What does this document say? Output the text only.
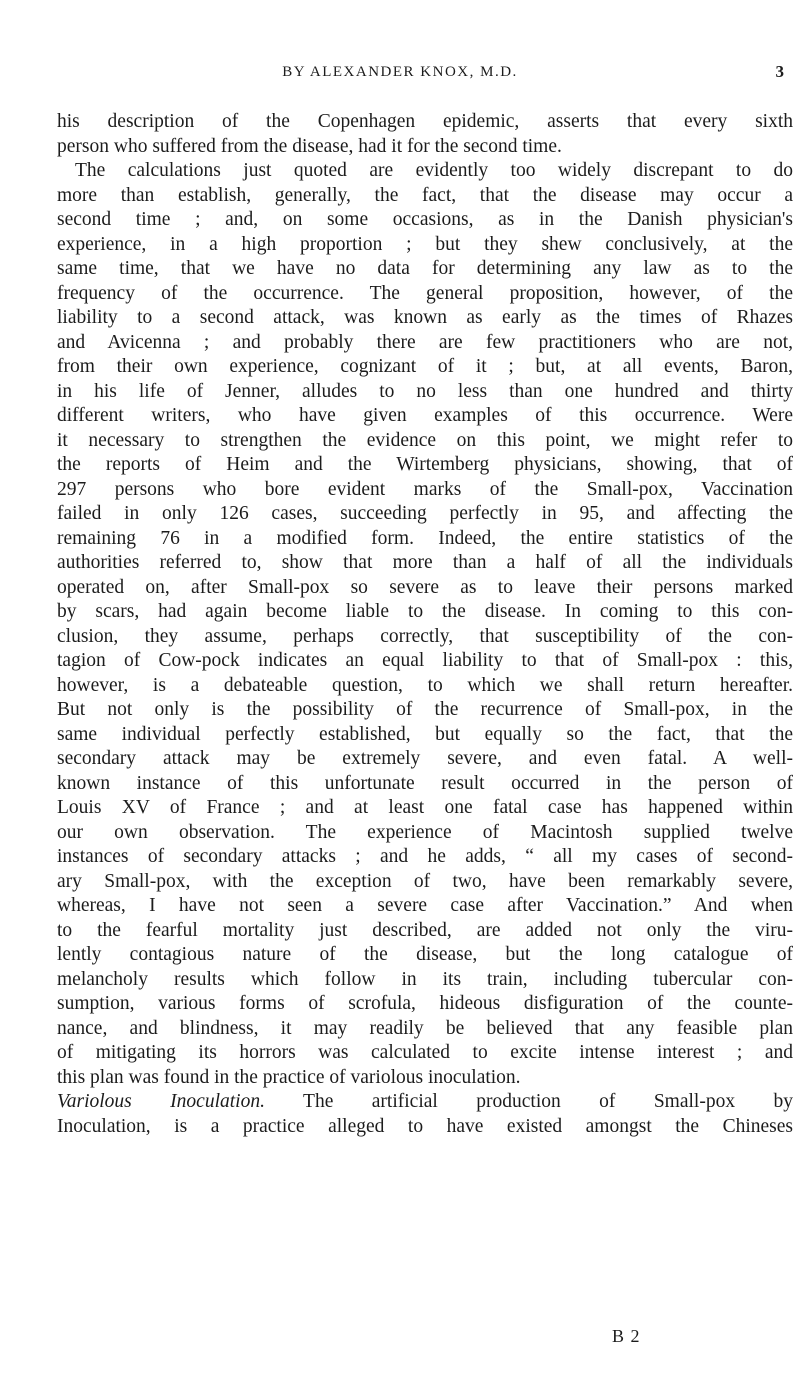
BY ALEXANDER KNOX, M.D.	3
his description of the Copenhagen epidemic, asserts that every sixth
person who suffered from the disease, had it for the second time.
The calculations just quoted are evidently too widely discrepant to do
more than establish, generally, the fact, that the disease may occur a
second time ; and, on some occasions, as in the Danish physician's
experience, in a high proportion ; but they shew conclusively, at the
same time, that we have no data for determining any law as to the
frequency of the occurrence. The general proposition, however, of the
liability to a second attack, was known as early as the times of Rhazes
and Avicenna ; and probably there are few practitioners who are not,
from their own experience, cognizant of it ; but, at all events, Baron,
in his life of Jenner, alludes to no less than one hundred and thirty
different writers, who have given examples of this occurrence. Were
it necessary to strengthen the evidence on this point, we might refer to
the reports of Heim and the Wirtemberg physicians, showing, that of
297 persons who bore evident marks of the Small-pox, Vaccination
failed in only 126 cases, succeeding perfectly in 95, and affecting the
remaining 76 in a modified form. Indeed, the entire statistics of the
authorities referred to, show that more than a half of all the individuals
operated on, after Small-pox so severe as to leave their persons marked
by scars, had again become liable to the disease. In coming to this con-
clusion, they assume, perhaps correctly, that susceptibility of the con-
tagion of Cow-pock indicates an equal liability to that of Small-pox : this,
however, is a debateable question, to which we shall return hereafter.
But not only is the possibility of the recurrence of Small-pox, in the
same individual perfectly established, but equally so the fact, that the
secondary attack may be extremely severe, and even fatal. A well-
known instance of this unfortunate result occurred in the person of
Louis XV of France ; and at least one fatal case has happened within
our own observation. The experience of Macintosh supplied twelve
instances of secondary attacks ; and he adds, “ all my cases of second-
ary Small-pox, with the exception of two, have been remarkably severe,
whereas, I have not seen a severe case after Vaccination.” And when
to the fearful mortality just described, are added not only the viru-
lently contagious nature of the disease, but the long catalogue of
melancholy results which follow in its train, including tubercular con-
sumption, various forms of scrofula, hideous disfiguration of the counte-
nance, and blindness, it may readily be believed that any feasible plan
of mitigating its horrors was calculated to excite intense interest ; and
this plan was found in the practice of variolous inoculation.
Variolous Inoculation. The artificial production of Small-pox by
Inoculation, is a practice alleged to have existed amongst the Chineses
B 2
